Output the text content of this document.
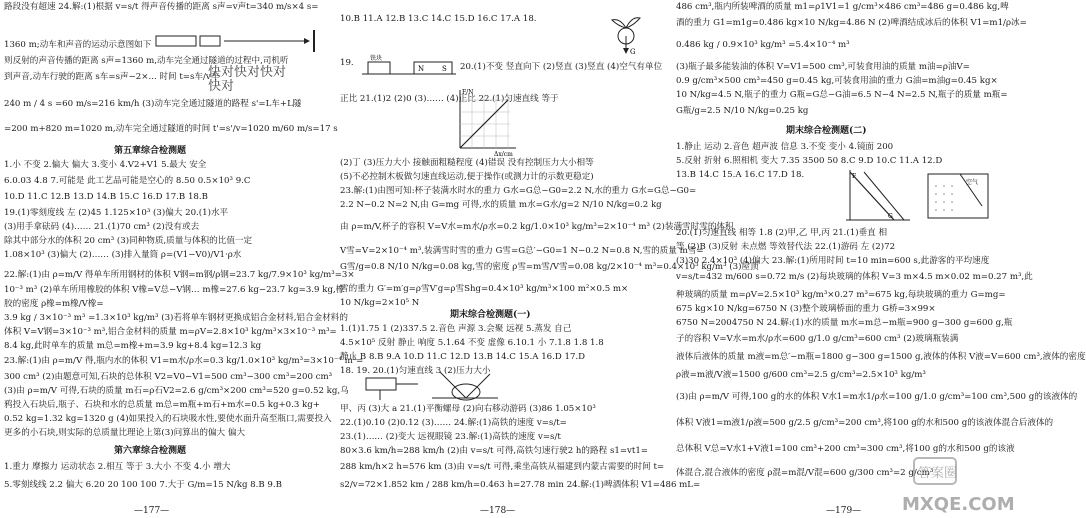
路段没有超速 24.解:(1)根据 v=s/t 得声音传播的距离 s声=v声t=340 m/s×4 s=
1360 m;动车和声音的运动示意图如下
则反射的声音传播的距离 s声=1360 m,动车完全通过隧道的过程中,司机听
到声音,动车行驶的距离 s车=s声−2×... 时间 t=s车/v车
240 m / 4 s =60 m/s=216 km/h (3)动车完全通过隧道的路程 s'=L车+L隧
=200 m+820 m=1020 m,动车完全通过隧道的时间 t'=s'/v=1020 m/60 m/s=17 s
第五章综合检测题
1.小 不变 2.偏大 偏大 3.变小 4.V2+V1 5.最大 安全
6.0.03 4.8 7.可能是 此工艺品可能是空心的 8.50 0.5×10³ 9.C
10.D 11.C 12.B 13.D 14.B 15.C 16.D 17.B 18.B
19.(1)零刻度线 左 (2)45 1.125×10³ (3)偏大 20.(1)水平
(3)用手拿砝码 (4)…… 21.(1)70 cm³ (2)没有或去
除其中部分水的体积 20 cm³ (3)同种物质,质量与体积的比值一定
1.08×10³ (3)偏大 (2)…… (3)排入量筒 ρ=(V1−V0)/V1·ρ水
22.解:(1)由 ρ=m/V 得单车所用钢材的体积 V钢=m钢/ρ钢=23.7 kg/7.9×10³ kg/m³=3×
10⁻³ m³ (2)单车所用橡胶的体积 V橡=V总−V钢… m橡=27.6 kg−23.7 kg=3.9 kg,橡
胶的密度 ρ橡=m橡/V橡=
3.9 kg / 3×10⁻³ m³ =1.3×10³ kg/m³ (3)若将单车钢材更换成铝合金材料,铝合金材料的
体积 V=V钢=3×10⁻³ m³,铝合金材料的质量 m=ρV=2.8×10³ kg/m³×3×10⁻³ m³=
8.4 kg,此时单车的质量 m总=m橡+m=3.9 kg+8.4 kg=12.3 kg
23.解:(1)由 ρ=m/V 得,瓶内水的体积 V1=m水/ρ水=0.3 kg/1.0×10³ kg/m³=3×10⁻⁴ m³=
300 cm³ (2)由题意可知,石块的总体积 V2=V0−V1=500 cm³−300 cm³=200 cm³
(3)由 ρ=m/V 可得,石块的质量 m石=ρ石V2=2.6 g/cm³×200 cm³=520 g=0.52 kg,乌
鸦投入石块后,瓶子、石块和水的总质量 m总=m瓶+m石+m水=0.5 kg+0.3 kg+
0.52 kg=1.32 kg=1320 g (4)如果投入的石块吸水性,要使水面升高至瓶口,需要投入
更多的小石块,则实际的总质量比理论上第(3)问算出的偏大 偏大
第六章综合检测题
1.重力 摩擦力 运动状态 2.相互 等于 3.大小 不变 4.小 增大
5.零刻线线 2.2 偏大 6.20 20 100 100 7.大于 G/m=15 N/kg 8.B 9.B
快对快对快对快对
—177—
10.B 11.A 12.B 13.C 14.C 15.D 16.C 17.A 18.
19.	20.(1)不变 竖直向下 (2)竖直 (3)竖直 (4)空气有单位
正比 21.(1)2 (2)0 (3)…… (4)正比 22.(1)匀速直线 等于
(2)丁 (3)压力大小 接触面粗糙程度 (4)错误 没有控制压力大小相等
(5)不必控制木板做匀速直线运动,便于操作(或测力计的示数更稳定)
23.解:(1)由图可知:杯子装满水时水的重力 G水=G总−G0=2.2 N,水的重力 G水=G总−G0=
2.2 N−0.2 N=2 N,由 G=mg 可得,水的质量 m水=G水/g=2 N/10 N/kg=0.2 kg
由 ρ=m/V,杯子的容积 V=V水=m水/ρ水=0.2 kg/1.0×10³ kg/m³=2×10⁻⁴ m³ (2)装满雪时雪的体积
V雪=V=2×10⁻⁴ m³,装满雪时雪的重力 G雪=G总′−G0=1 N−0.2 N=0.8 N,雪的质量 m雪=
G雪/g=0.8 N/10 N/kg=0.08 kg,雪的密度 ρ雪=m雪/V雪=0.08 kg/2×10⁻⁴ m³=0.4×10³ kg/m³ (3)屋顶
雪的重力 G′=m′g=ρ雪V′g=ρ雪Shg=0.4×10³ kg/m³×100 m²×0.5 m×
10 N/kg=2×10⁵ N
期末综合检测题(一)
1.(1)1.75 1 (2)337.5 2.音色 声源 3.会聚 远视 5.蒸发 自己
4.5×10⁵ 反射 静止 响度 5.1.64 不变 虚像 6.10.1 小 7.1.8 1.8 1.8
静止 B 8.B 9.A 10.D 11.C 12.D 13.B 14.C 15.A 16.D 17.D
18. 19. 20.(1)匀速直线 3 (2)压力大小
甲、丙 (3)大 a 21.(1)平衡螺母 (2)向右移动游码 (3)86 1.05×10³
22.(1)0.10 (2)0.12 (3)…… 24.解:(1)高铁的速度 v=s/t=
23.(1)…… (2)变大 远视眼镜 23.解:(1)高铁的速度 v=s/t
80×3.6 km/h=288 km/h (2)由 v=s/t 可得,高铁匀速行驶2 h的路程 s1=vt1=
288 km/h×2 h=576 km (3)由 v=s/t 可得,乘坐高铁从福建到内蒙古需要的时间 t=
s2/v=72×1.852 km / 288 km/h=0.463 h=27.78 min 24.解:(1)啤酒体积 V1=486 mL=
G
铁块
N	S
F/N
Δx/cm
—178—
486 cm³,瓶内所装啤酒的质量 m1=ρ1V1=1 g/cm³×486 cm³=486 g=0.486 kg,啤
酒的重力 G1=m1g=0.486 kg×10 N/kg=4.86 N (2)啤酒结成冰后的体积 V1=m1/ρ冰=
0.486 kg / 0.9×10³ kg/m³ =5.4×10⁻⁴ m³
(3)瓶子最多能装油的体积 V=V1=500 cm³,可装食用油的质量 m油=ρ油V=
0.9 g/cm³×500 cm³=450 g=0.45 kg,可装食用油的重力 G油=m油g=0.45 kg×
10 N/kg=4.5 N,瓶子的重力 G瓶=G总−G油=6.5 N−4 N=2.5 N,瓶子的质量 m瓶=
G瓶/g=2.5 N/10 N/kg=0.25 kg
期末综合检测题(二)
1.静止 运动 2.音色 超声波 信息 3.不变 变小 4.镜面 200
5.反射 折射 6.照相机 变大 7.35 3500 50 8.C 9.D 10.C 11.A 12.D
13.B 14.C 15.A 16.C 17.D 18.
20.(1)匀速直线 相等 1.8 (2)甲,乙 甲,丙 21.(1)垂直 相
等 (2)B (3)反射 未点燃 等效替代法 22.(1)游码 左 (2)72
(3)30 2.4×10³ (4)偏大 23.解:(1)所用时间 t=10 min=600 s,此游客的平均速度
v=s/t=432 m/600 s=0.72 m/s (2)每块玻璃的体积 V=3 m×4.5 m×0.02 m=0.27 m³,此
种玻璃的质量 m=ρV=2.5×10³ kg/m³×0.27 m³=675 kg,每块玻璃的重力 G=mg=
675 kg×10 N/kg=6750 N (3)整个玻璃桥面的重力 G桥=3×99×
6750 N=2004750 N 24.解:(1)水的质量 m水=m总−m瓶=900 g−300 g=600 g,瓶
子的容积 V=V水=m水/ρ水=600 g/1.0 g/cm³=600 cm³ (2)玻璃瓶装满
液体后液体的质量 m液=m总′−m瓶=1800 g−300 g=1500 g,液体的体积 V液=V=600 cm³,液体的密度
ρ液=m液/V液=1500 g/600 cm³=2.5 g/cm³=2.5×10³ kg/m³
(3)由 ρ=m/V 可得,100 g的水的体积 V水1=m水1/ρ水=100 g/1.0 g/cm³=100 cm³,500 g的该液体的
体积 V液1=m液1/ρ液=500 g/2.5 g/cm³=200 cm³,将100 g的水和500 g的该液体混合后液体的
总体积 V总=V水1+V液1=100 cm³+200 cm³=300 cm³,将100 g的水和500 g的该液
体混合,混合液体的密度 ρ混=m混/V混=600 g/300 cm³=2 g/cm³
F
G
空气
—179—
答案圈
MXQE.COM
